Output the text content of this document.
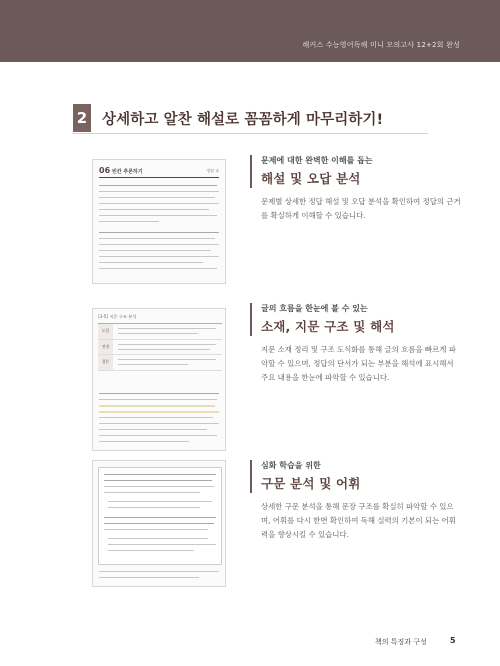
해커스 수능영어독해 미니 모의고사 12+2회 완성
2 상세하고 알찬 해설로 꼼꼼하게 마무리하기!
06 빈칸 추론하기	정답 ①
[3-5] 지문 구조 분석
도입
전개
결론
문제에 대한 완벽한 이해를 돕는
해설 및 오답 분석
문제별 상세한 정답 해설 및 오답 분석을 확인하여 정답의 근거를 확실하게 이해할 수 있습니다.
글의 흐름을 한눈에 볼 수 있는
소재, 지문 구조 및 해석
지문 소재 정리 및 구조 도식화를 통해 글의 흐름을 빠르게 파악할 수 있으며, 정답의 단서가 되는 부분을 해석에 표시해서 주요 내용을 한눈에 파악할 수 있습니다.
심화 학습을 위한
구문 분석 및 어휘
상세한 구문 분석을 통해 문장 구조를 확실히 파악할 수 있으며, 어휘를 다시 한번 확인하여 독해 실력의 기본이 되는 어휘력을 향상시킬 수 있습니다.
책의 특징과 구성	5
